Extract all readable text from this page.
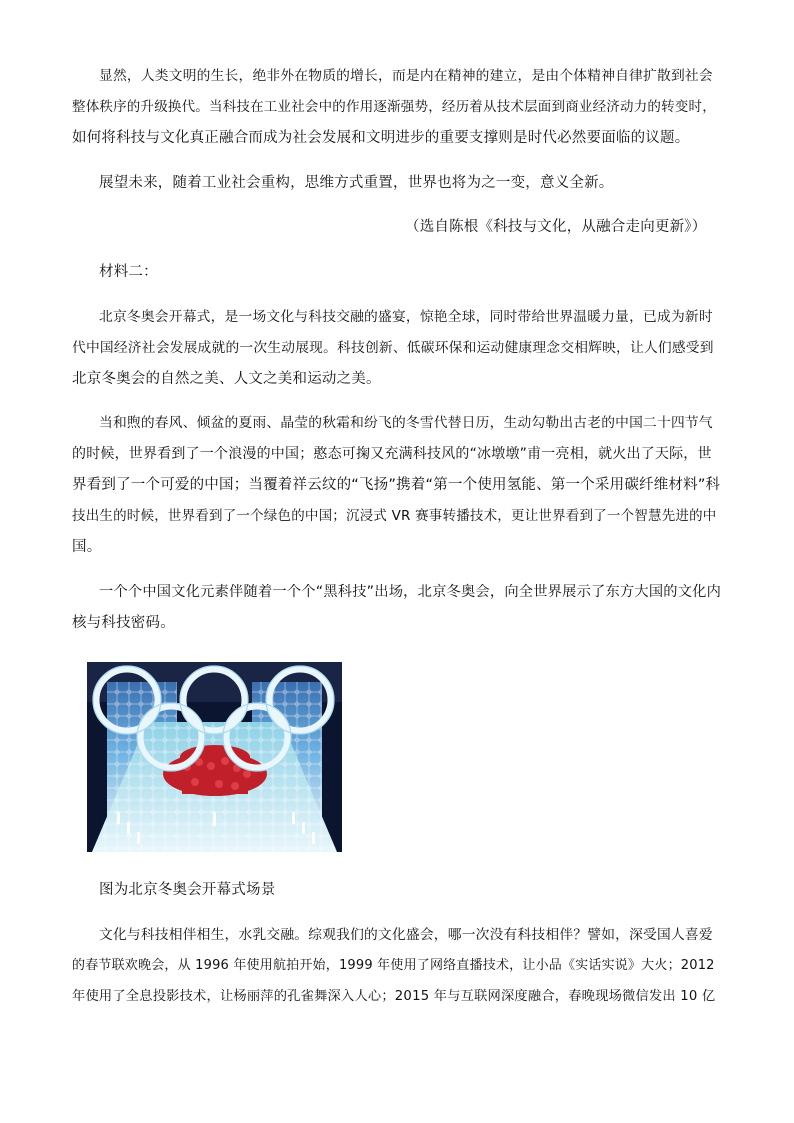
显然，人类文明的生长，绝非外在物质的增长，而是内在精神的建立，是由个体精神自律扩散到社会
整体秩序的升级换代。当科技在工业社会中的作用逐渐强势，经历着从技术层面到商业经济动力的转变时，
如何将科技与文化真正融合而成为社会发展和文明进步的重要支撑则是时代必然要面临的议题。
展望未来，随着工业社会重构，思维方式重置，世界也将为之一变，意义全新。
（选自陈根《科技与文化，从融合走向更新》）
材料二：
北京冬奥会开幕式，是一场文化与科技交融的盛宴，惊艳全球，同时带给世界温暖力量，已成为新时
代中国经济社会发展成就的一次生动展现。科技创新、低碳环保和运动健康理念交相辉映，让人们感受到
北京冬奥会的自然之美、人文之美和运动之美。
当和煦的春风、倾盆的夏雨、晶莹的秋霜和纷飞的冬雪代替日历，生动勾勒出古老的中国二十四节气
的时候，世界看到了一个浪漫的中国；憨态可掬又充满科技风的“冰墩墩”甫一亮相，就火出了天际，世
界看到了一个可爱的中国；当覆着祥云纹的“飞扬”携着“第一个使用氢能、第一个采用碳纤维材料”科
技出生的时候，世界看到了一个绿色的中国；沉浸式 VR 赛事转播技术，更让世界看到了一个智慧先进的中
国。
一个个中国文化元素伴随着一个个“黑科技”出场，北京冬奥会，向全世界展示了东方大国的文化内
核与科技密码。
图为北京冬奥会开幕式场景
文化与科技相伴相生，水乳交融。综观我们的文化盛会，哪一次没有科技相伴？譬如，深受国人喜爱
的春节联欢晚会，从 1996 年使用航拍开始，1999 年使用了网络直播技术，让小品《实话实说》大火；2012
年使用了全息投影技术，让杨丽萍的孔雀舞深入人心；2015 年与互联网深度融合，春晚现场微信发出 10 亿
